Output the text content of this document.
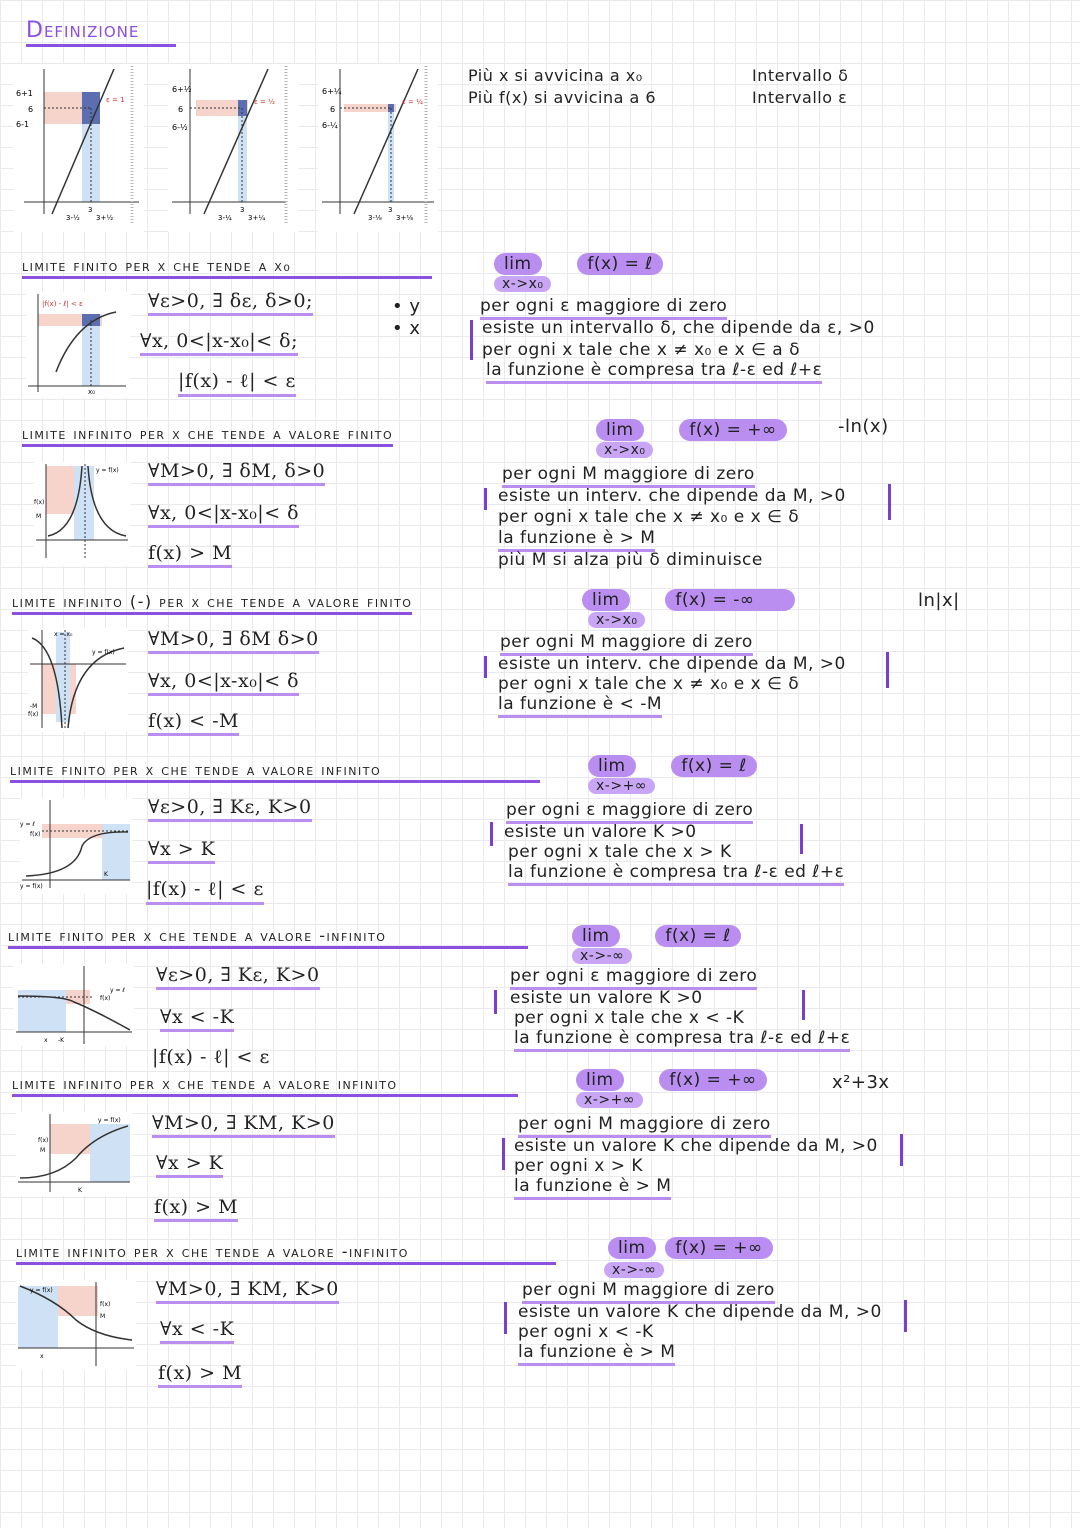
Definizione
6+1
6
6-1
ε = 1
3-½
3
3+½
6+½
6
6-½
ε = ½
3-¼
3
3+¼
6+¼
6
6-¼
ε = ¼
3-⅛
3
3+⅛
Più x si avvicina a x₀
Più f(x) si avvicina a 6
Intervallo δ
Intervallo ε
limite finito per x che tende a x₀
|f(x) - ℓ| < ε
x₀
∀ε>0, ∃ δε, δ>0;
∀x, 0<|x-x₀|< δ;
|f(x) - ℓ| < ε
• y
• x
lim	f(x) = ℓ
x->x₀
per ogni ε maggiore di zero
esiste un intervallo δ, che dipende da ε, >0
per ogni x tale che x ≠ x₀ e x ∈ a δ
la funzione è compresa tra ℓ-ε ed ℓ+ε
limite infinito per x che tende a valore finito
y = f(x)
f(x)
M
∀M>0, ∃ δM, δ>0
∀x, 0<|x-x₀|< δ
f(x) > M
lim	f(x) = +∞
x->x₀
-ln(x)
per ogni M maggiore di zero
esiste un interv. che dipende da M, >0
per ogni x tale che x ≠ x₀ e x ∈ δ
la funzione è > M
più M si alza più δ diminuisce
limite infinito (-) per x che tende a valore finito
x = x₀
y = f(x)
-M
f(x)
∀M>0, ∃ δM δ>0
∀x, 0<|x-x₀|< δ
f(x) < -M
lim	f(x) = -∞
x->x₀
ln|x|
per ogni M maggiore di zero
esiste un interv. che dipende da M, >0
per ogni x tale che x ≠ x₀ e x ∈ δ
la funzione è < -M
limite finito per x che tende a valore infinito
y = ℓ
f(x)
y = f(x)
K
∀ε>0, ∃ Kε, K>0
∀x > K
|f(x) - ℓ| < ε
lim	f(x) = ℓ
x->+∞
per ogni ε maggiore di zero
esiste un valore K >0
per ogni x tale che x > K
la funzione è compresa tra ℓ-ε ed ℓ+ε
limite finito per x che tende a valore -infinito
y = ℓ
f(x)
x -K
∀ε>0, ∃ Kε, K>0
∀x < -K
|f(x) - ℓ| < ε
lim	f(x) = ℓ
x->-∞
per ogni ε maggiore di zero
esiste un valore K >0
per ogni x tale che x < -K
la funzione è compresa tra ℓ-ε ed ℓ+ε
limite infinito per x che tende a valore infinito
y = f(x)
f(x)
M
K
∀M>0, ∃ KM, K>0
∀x > K
f(x) > M
lim	f(x) = +∞
x->+∞
x²+3x
per ogni M maggiore di zero
esiste un valore K che dipende da M, >0
per ogni x > K
la funzione è > M
limite infinito per x che tende a valore -infinito
y = f(x)
f(x)
M
x
∀M>0, ∃ KM, K>0
∀x < -K
f(x) > M
lim f(x) = +∞
x->-∞
per ogni M maggiore di zero
esiste un valore K che dipende da M, >0
per ogni x < -K
la funzione è > M
